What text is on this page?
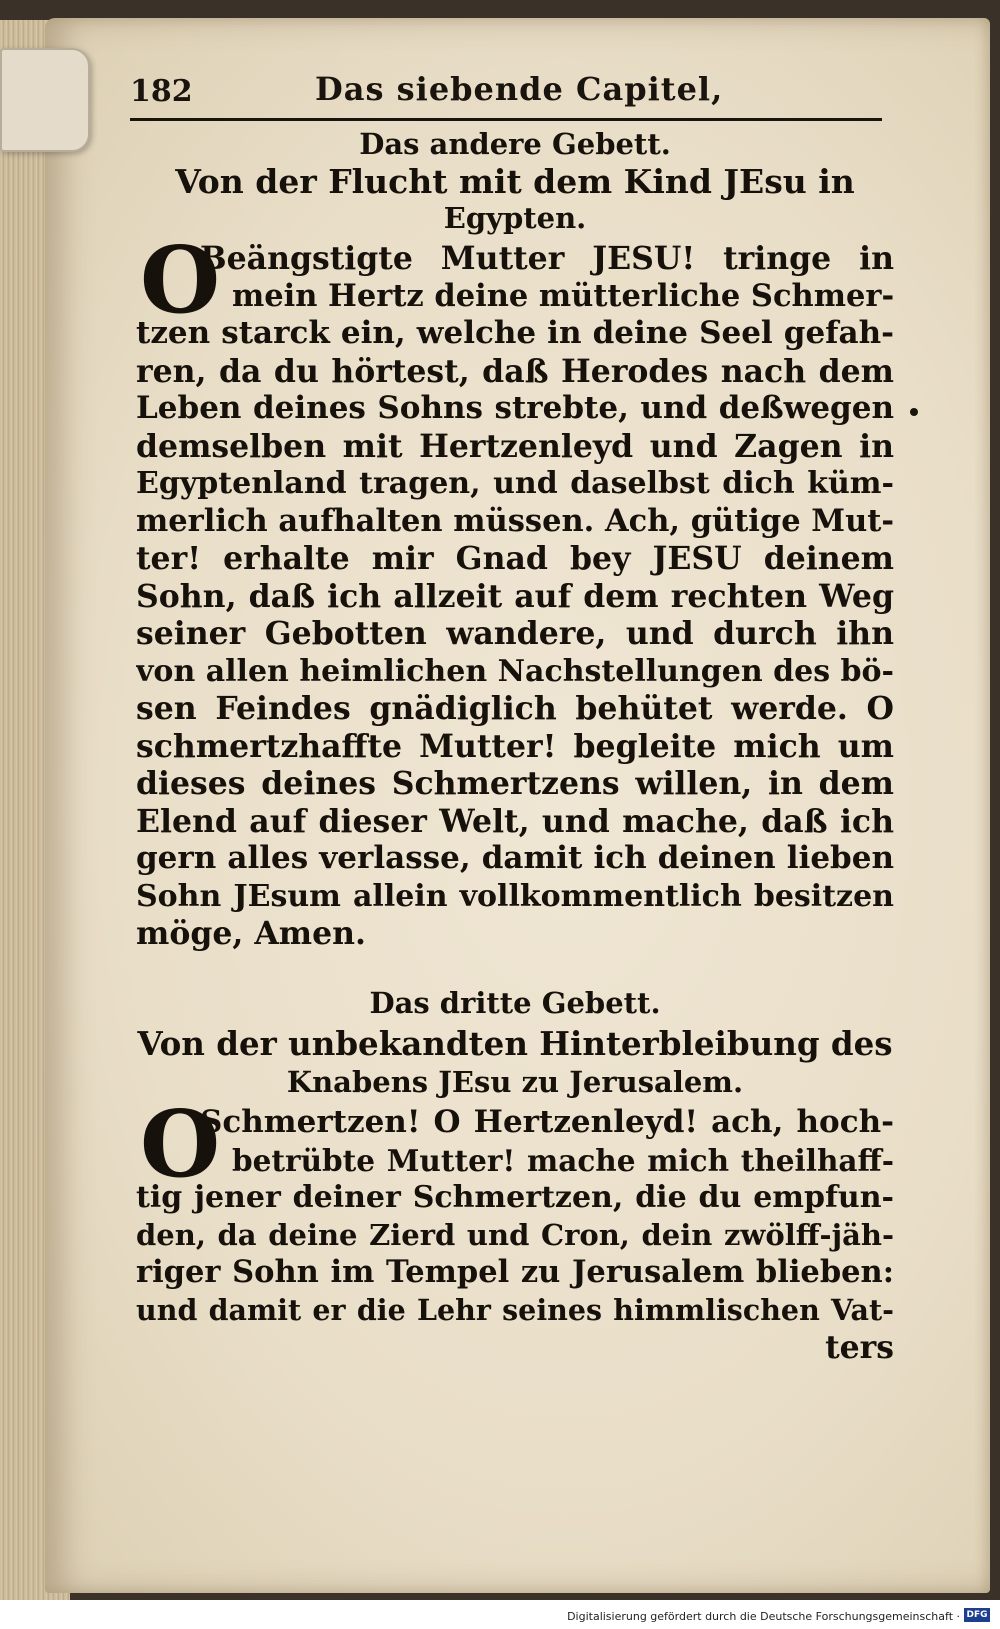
182	Das siebende Capitel,
Das andere Gebett.
Von der Flucht mit dem Kind JEsu in
Egypten.
O
Beängstigte Mutter JESU! tringe in
mein Hertz deine mütterliche Schmer-
tzen starck ein, welche in deine Seel gefah-
ren, da du hörtest, daß Herodes nach dem
Leben deines Sohns strebte, und deßwegen
demselben mit Hertzenleyd und Zagen in
Egyptenland tragen, und daselbst dich küm-
merlich aufhalten müssen. Ach, gütige Mut-
ter! erhalte mir Gnad bey JESU deinem
Sohn, daß ich allzeit auf dem rechten Weg
seiner Gebotten wandere, und durch ihn
von allen heimlichen Nachstellungen des bö-
sen Feindes gnädiglich behütet werde. O
schmertzhaffte Mutter! begleite mich um
dieses deines Schmertzens willen, in dem
Elend auf dieser Welt, und mache, daß ich
gern alles verlasse, damit ich deinen lieben
Sohn JEsum allein vollkommentlich besitzen
möge, Amen.
Das dritte Gebett.
Von der unbekandten Hinterbleibung des
Knabens JEsu zu Jerusalem.
O
Schmertzen! O Hertzenleyd! ach, hoch-
betrübte Mutter! mache mich theilhaff-
tig jener deiner Schmertzen, die du empfun-
den, da deine Zierd und Cron, dein zwölff-jäh-
riger Sohn im Tempel zu Jerusalem blieben:
und damit er die Lehr seines himmlischen Vat-
ters
Digitalisierung gefördert durch die Deutsche Forschungsgemeinschaft · DFG
